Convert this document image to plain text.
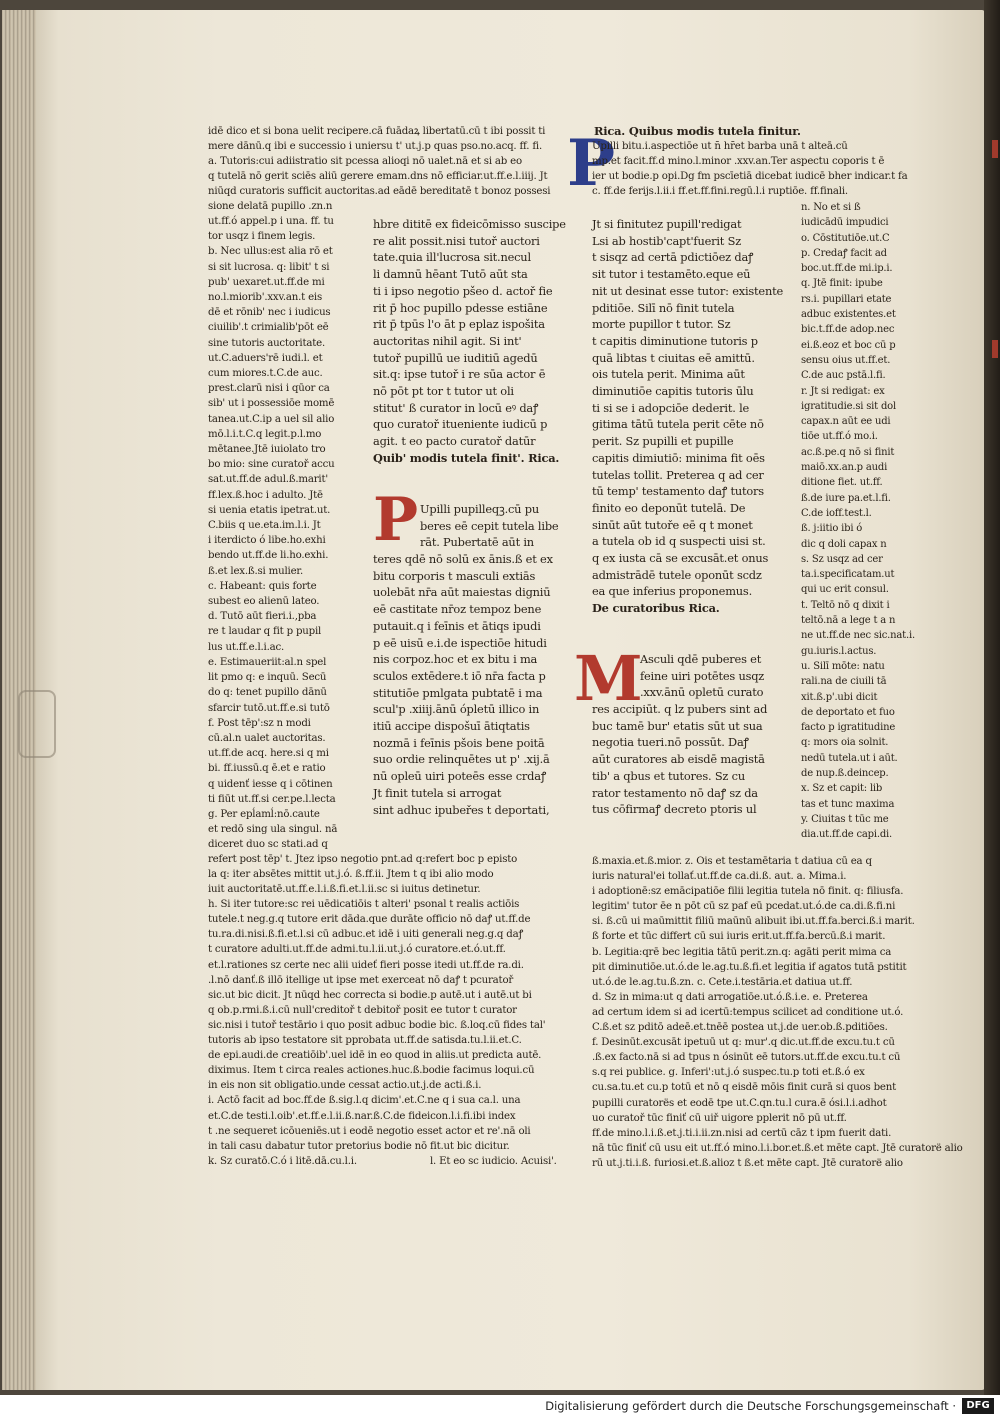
idē dico et si bona uelit recipere.cā fuādaꝝ libertatū.cū t ibi possit ti

mere dānū.q ibi e successio i uniersu t' ut.j.p quas pso.no.acq. ff. fi.

a. Tutoris:cui adiistratio sit pcessa alioqi nō ualet.nā et si ab eo

q tutelā nō gerit sciēs aliū gerere emam.dns nō efficiar.ut.ff.e.l.iiij. Jt

niūqd curatoris sufficit auctoritas.ad eādē bereditatē t bonoz possesi

sione delatā pupillo .zn.n

ut.ff.ó appel.p i una. ff. tu

tor usqz i finem legis.

b. Nec ullus:est alia rō et

si sit lucrosa. q: libit' t si

pub' uexaret.ut.ff.de mi

no.l.miorib'.xxv.an.t eis

dē et rōnib' nec i iudicus

ciuilib'.t crimialib'pōt eē

sine tutoris auctoritate.

ut.C.aduers'rē iudi.l. et

cum miores.t.C.de auc.

prest.clarū nisi i qūor ca

sib' ut i possessiōe momē

tanea.ut.C.ip a uel sil alio

mō.l.i.t.C.q legit.p.l.mo

mētanee.Jtē iuiolato tro

bo mio: sine curatoř accu

sat.ut.ff.de adul.ß.marit'

ff.lex.ß.hoc i adulto. Jtē

si uenia etatis ipetrat.ut.

C.biis q ue.eta.im.l.i. Jt

i iterdicto ó libe.ho.exhi

bendo ut.ff.de li.ho.exhi.

ß.et lex.ß.si mulier.

c. Habeant: quis forte

subest eo alienū lateo.

d. Tutō aūt fieri.i.,pba

re t laudar q fit p pupil

lus ut.ff.e.l.i.ac.

e. Estimaueriit:al.n spel

lit pmo q: e inquū. Secū

do q: tenet pupillo dānū

sfarcir tutō.ut.ff.e.si tutō

f. Post tēp':sz n modi

cū.al.n ualet auctoritas.

ut.ff.de acq. here.si q mi

bi. ff.iussū.q ē.et e ratio

q uidenť iesse q i cōtinen

ti fiūt ut.ff.si cer.pe.l.lecta

g. Per epĺamĺ:nō.caute

et redō sing ula singul. nā

diceret duo sc stati.ad q

refert post tēp' t. Jtez ipso negotio pnt.ad q:refert boc p episto

la q: iter absētes mittit ut.j.ó. ß.ff.ii. Jtem t q ibi alio modo

iuit auctoritatē.ut.ff.e.l.i.ß.fi.et.l.ii.sc si iuitus detinetur.

h. Si iter tutore:sc rei uēdicatiōis t alteri' psonal t realis actiōis

tutele.t neg.g.q tutore erit dāda.que durāte officio nō daꝭ ut.ff.de

tu.ra.di.nisi.ß.fi.et.l.si cū adbuc.et idē i uiti generali neg.g.q daꝭ

t curatore adulti.ut.ff.de admi.tu.l.ii.ut.j.ó curatore.et.ó.ut.ff.

et.l.rationes sz certe nec alii uideť fieri posse itedi ut.ff.de ra.di.

.l.nō danť.ß illō itellige ut ipse met exerceat nō daꝭ t pcuratoř

sic.ut bic dicit. Jt nūqd hec correcta si bodie.p autē.ut i autē.ut bi

q ob.p.rmi.ß.i.cū null'creditoř t debitoř posit ee tutor t curator

sic.nisi i tutoř testārio i quo posit adbuc bodie bic. ß.loq.cū fides tal'

tutoris ab ipso testatore sit pprobata ut.ff.de satisda.tu.l.ii.et.C.

de epi.audi.de creatiōib'.uel idē in eo quod in aliis.ut predicta autē.

diximus. Item t circa reales actiones.huc.ß.bodie facimus loqui.cū

in eis non sit obligatio.unde cessat actio.ut.j.de acti.ß.i.

i. Actō facit ad boc.ff.de ß.sig.l.q dicim'.et.C.ne q i sua ca.l. una

et.C.de testi.l.oib'.et.ff.e.l.ii.ß.nar.ß.C.de fideicon.l.i.fi.ibi index

t .ne sequeret icōueniēs.ut i eodē negotio esset actor et re'.nā oli

in tali casu dabatur tutor pretorius bodie nō fit.ut bic dicitur.

k. Sz curatō.C.ó i litē.dā.cu.l.i.	l. Et eo sc iudicio. Acuisi'.

hbre dititē ex fideicōmisso suscipe

re alit possit.nisi tutoř auctori

tate.quia ill'lucrosa sit.necul

li damnū hēant Tutō aūt sta

ti i ipso negotio pšeo d. actoř fie

rit p̄ hoc pupillo pdesse estiāne

rit p̄ tpūs l'o āt p eplaz ispošita

auctoritas nihil agit. Si int'

tutoř pupillū ue iuditiū agedū

sit.q: ipse tutoř i re sūa actor ē

nō pōt pt tor t tutor ut oli

stitut' ß curator in locū eꝰ daꝭ

quo curatoř itueniente iudicū p

agit. t eo pacto curatoř datūr

Quib' modis tutela finit'. Rica.

P Upilli pupilleqꝫ.cū pu

beres eē cepit tutela libe

rāt. Pubertatē aūt in

teres qdē nō solū ex ānis.ß et ex

bitu corporis t masculi extiās

uolebāt nr̄a aūt maiestas digniū

eē castitate nr̄oz tempoz bene

putauit.q i feīnis et ātiqs ipudi

p eē uisū e.i.de ispectiōe hitudi

nis corpoz.hoc et ex bitu i ma

sculos extēdere.t iō nr̄a facta p

stitutiōe pmlgata pubtatē i ma

scul'p .xiiij.ānū ópletū illico in

itiū accipe dispošuī ātiqtatis

nozmā i feīnis pšois bene poitā

suo ordie relinquētes ut p' .xij.ā

nū opleū uiri poteēs esse crdaꝭ

Jt finit tutela si arrogat

sint adhuc ipubeřes t deportati,

Rica. Quibus modis tutela finitur.

P

Upilli bitu.i.aspectiōe ut n̄ hr̄et barba unā t alteā.cū

mp.et facit.ff.d mino.l.minor .xxv.an.Ter aspectu coporis t ē

ier ut bodie.p opi.Dg fm pscīetiā dicebat iudicē bher indicar.t fa

c. ff.de ferijs.l.ii.i ff.et.ff.fini.regū.l.i ruptiōe. ff.finali.

Jt si finitutez pupill'redigat

Lsi ab hostib'capt'fuerit Sz

t sisqz ad certā pdictiōez daꝭ

sit tutor i testamēto.eque eū

nit ut desinat esse tutor: existente

pditiōe. Silī nō finit tutela

morte pupillor t tutor. Sz

t capitis diminutione tutoris p

quā libtas t ciuitas eē amittū.

ois tutela perit. Minima aūt

diminutiōe capitis tutoris ūlu

ti si se i adopciōe dederit. le

gitima tātū tutela perit cēte nō

perit. Sz pupilli et pupille

capitis dimiutiō: minima fit oēs

tutelas tollit. Preterea q ad cer

tū temp' testamento daꝭ tutors

finito eo deponūt tutelā. De

sinūt aūt tutoře eē q t monet

a tutela ob id q suspecti uisi st.

q ex iusta cā se excusāt.et onus

admistrādē tutele oponūt scdz

ea que inferius proponemus.

De curatoribus Rica.

M

Asculi qdē puberes et

feine uiri potētes usqz

.xxv.ānū opletū curato

res accipiūt. q lz pubers sint ad

buc tamē bur' etatis sūt ut sua

negotia tueri.nō possūt. Daꝭ

aūt curatores ab eisdē magistā

tib' a qbus et tutores. Sz cu

rator testamento nō daꝭ sz da

tus cōfirmaꝭ decreto ptoris ul

n. No et si ß

iudicādū impudici

o. Cōstitutiōe.ut.C

p. Credaꝭ facit ad

boc.ut.ff.de mi.ip.i.

q. Jtē finit: ipube

rs.i. pupillari etate

adbuc existentes.et

bic.t.ff.de adop.nec

ei.ß.eoz et boc cū p

sensu oius ut.ff.et.

C.de auc pstā.l.fi.

r. Jt si redigat: ex

igratitudie.si sit dol

capax.n aūt ee udi

tiōe ut.ff.ó mo.i.

ac.ß.pe.q nō si finit

maiō.xx.an.p audi

ditione fiet. ut.ff.

ß.de iure pa.et.l.fi.

C.de ioff.test.l.

ß. j:iitio ibi ó

dic q doli capax n

s. Sz usqz ad cer

ta.i.specificatam.ut

qui uc erit consul.

t. Teltō nō q dixit i

teltō.nā a lege t a n

ne ut.ff.de nec sic.nat.i.

gu.iuris.l.actus.

u. Silī mōte: natu

rali.na de ciuili tā

xit.ß.p'.ubi dicit

de deportato et fuo

facto p igratitudine

q: mors oia solnit.

nedū tutela.ut i aūt.

de nup.ß.deincep.

x. Sz et capit: lib

tas et tunc maxima

y. Ciuitas t tūc me

dia.ut.ff.de capi.di.

ß.maxia.et.ß.mior. z. Ois et testamētaria t datiua cū ea q

iuris natural'ei tollať.ut.ff.de ca.di.ß. aut. a. Mima.i.

i adoptionē:sz emācipatiōe filii legitia tutela nō finit. q: filiusfa.

legitim' tutor ēe n pōt cū sz paf eū pcedat.ut.ó.de ca.di.ß.fi.ni

si. ß.cū ui maūmittit filiū maūnū alibuit ibi.ut.ff.fa.berci.ß.i marit.

ß forte et tūc differt cū sui iuris erit.ut.ff.fa.bercū.ß.i marit.

b. Legitia:qrē bec legitia tātū perit.zn.q: agāti perit mima ca

pit diminutiōe.ut.ó.de le.ag.tu.ß.fi.et legitia if agatos tutā pstitit

ut.ó.de le.ag.tu.ß.zn. c. Cete.i.testāria.et datiua ut.ff.

d. Sz in mima:ut q dati arrogatiōe.ut.ó.ß.i.e. e. Preterea

ad certum idem si ad icertū:tempus scilicet ad conditione ut.ó.

C.ß.et sz pditō adeē.et.tnēē postea ut.j.de uer.ob.ß.pditiōes.

f. Desinūt.excusāt ipetuū ut q: mur'.q dic.ut.ff.de excu.tu.t cū

.ß.ex facto.nā si ad tpus n ósinūt eē tutors.ut.ff.de excu.tu.t cū

s.q rei publice. g. Inferi':ut.j.ó suspec.tu.p toti et.ß.ó ex

cu.sa.tu.et cu.p totū et nō q eisdē mōis finit curā si quos bent

pupilli curatorës et eodē tpe ut.C.qn.tu.l cura.ē ósi.l.i.adhot

uo curatoř tūc finiť cū uiř uigore pplerit nō pū ut.ff.

ff.de mino.l.i.ß.et.j.ti.i.ii.zn.nisi ad certū cāz t ipm fuerit dati.

nā tūc finiť cū usu eit ut.ff.ó mino.l.i.bor.et.ß.et mēte capt. Jtē curatorë alio

rū ut.j.ti.i.ß. furiosi.et.ß.alioz t ß.et mēte capt. Jtē curatorë alio

Digitalisierung gefördert durch die Deutsche Forschungsgemeinschaft ·	DFG
